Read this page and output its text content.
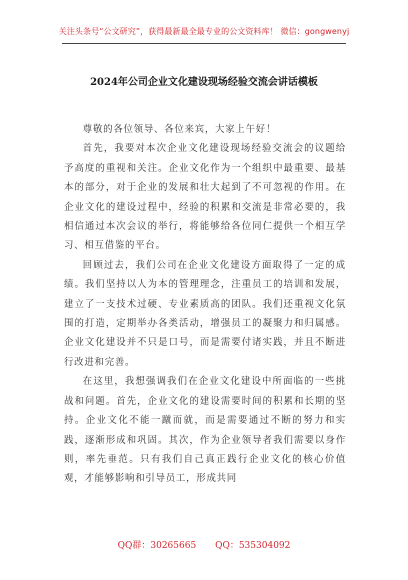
关注头条号“公文研究”，获得最新最全最专业的公文资料库！ 微信：gongwenyj
2024年公司企业文化建设现场经验交流会讲话模板

尊敬的各位领导、各位来宾，大家上午好！

首先，我要对本次企业文化建设现场经验交流会的议题给予高度的重视和关注。企业文化作为一个组织中最重要、最基本的部分，对于企业的发展和壮大起到了不可忽视的作用。在企业文化的建设过程中，经验的积累和交流是非常必要的，我相信通过本次会议的举行，将能够给各位同仁提供一个相互学习、相互借鉴的平台。

回顾过去，我们公司在企业文化建设方面取得了一定的成绩。我们坚持以人为本的管理理念，注重员工的培训和发展，建立了一支技术过硬、专业素质高的团队。我们还重视文化氛围的打造，定期举办各类活动，增强员工的凝聚力和归属感。企业文化建设并不只是口号，而是需要付诸实践，并且不断进行改进和完善。

在这里，我想强调我们在企业文化建设中所面临的一些挑战和问题。首先，企业文化的建设需要时间的积累和长期的坚持。企业文化不能一蹴而就，而是需要通过不断的努力和实践，逐渐形成和巩固。其次，作为企业领导者我们需要以身作则，率先垂范。只有我们自己真正践行企业文化的核心价值观，才能够影响和引导员工，形成共同

QQ群：30265665 QQ：535304092
